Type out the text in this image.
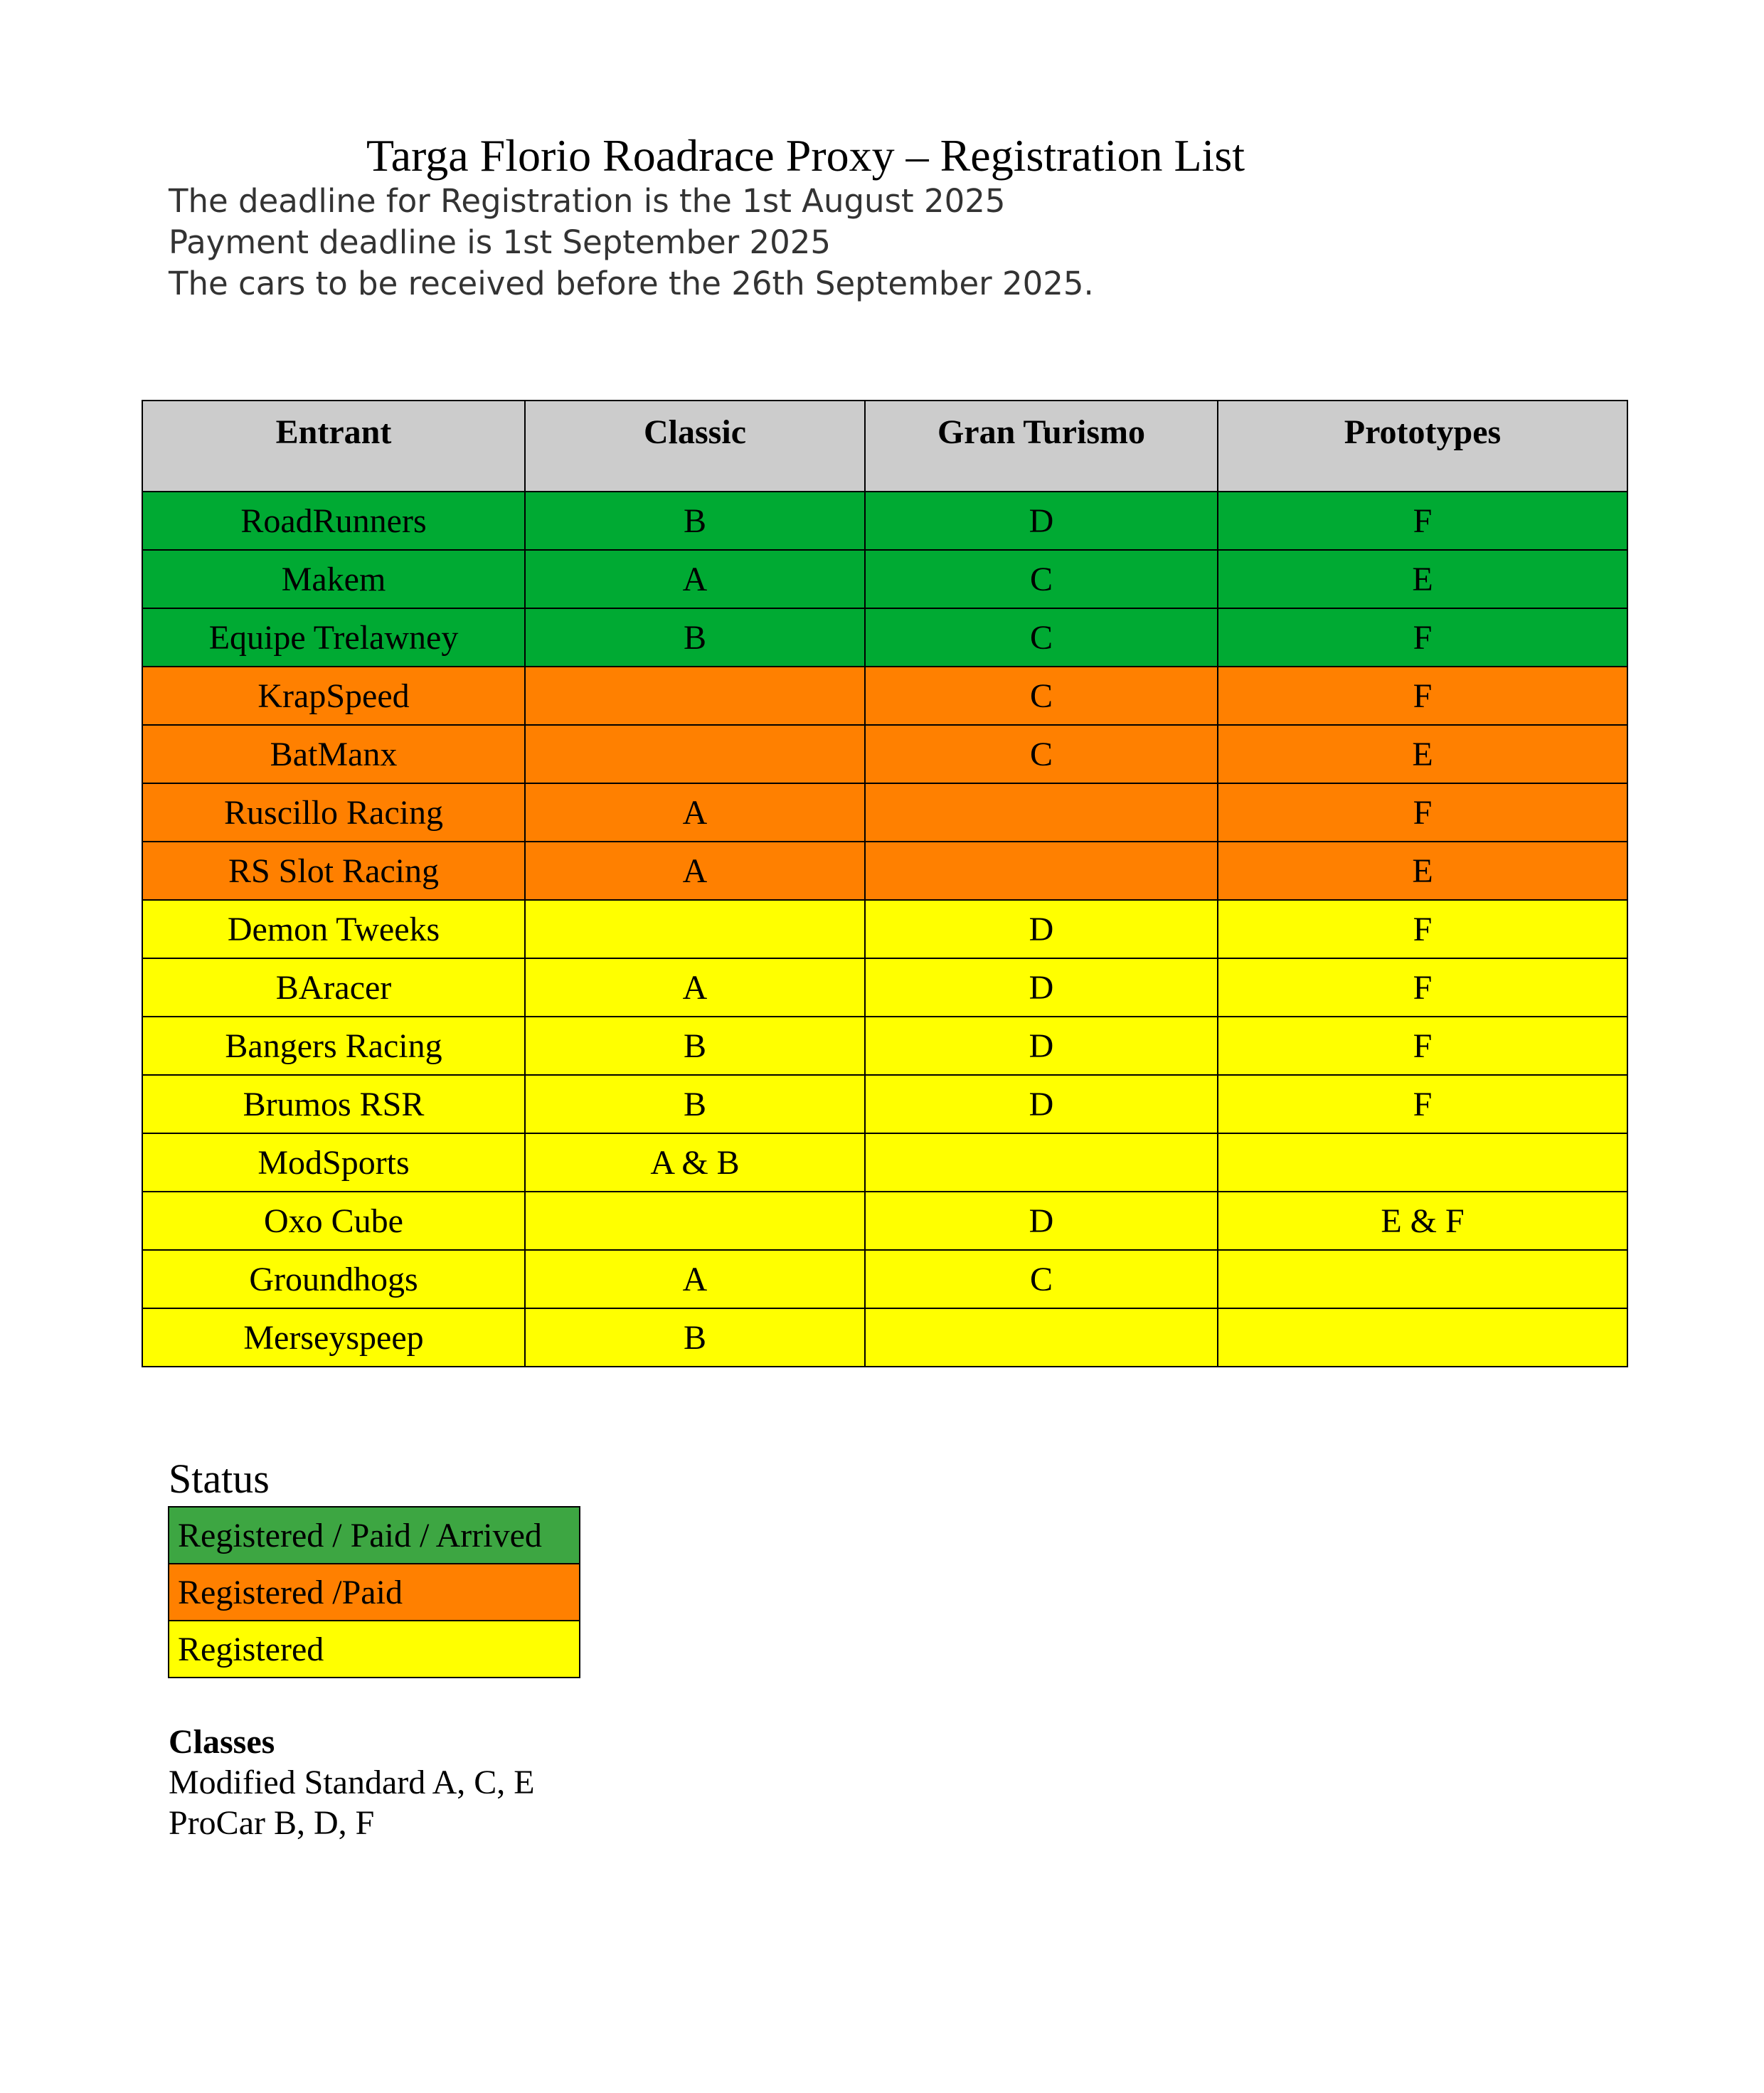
Targa Florio Roadrace Proxy – Registration List
The deadline for Registration is the 1st August 2025
Payment deadline is 1st September 2025
The cars to be received before the 26th September 2025.
Entrant	Classic	Gran Turismo	Prototypes
RoadRunners	B	D	F
Makem	A	C	E
Equipe Trelawney	B	C	F
KrapSpeed		C	F
BatManx		C	E
Ruscillo Racing	A		F
RS Slot Racing	A		E
Demon Tweeks		D	F
BAracer	A	D	F
Bangers Racing	B	D	F
Brumos RSR	B	D	F
ModSports	A & B		
Oxo Cube		D	E & F
Groundhogs	A	C	
Merseyspeep	B		
Status
Registered / Paid / Arrived
Registered /Paid
Registered
Classes
Modified Standard A, C, E
ProCar B, D, F
